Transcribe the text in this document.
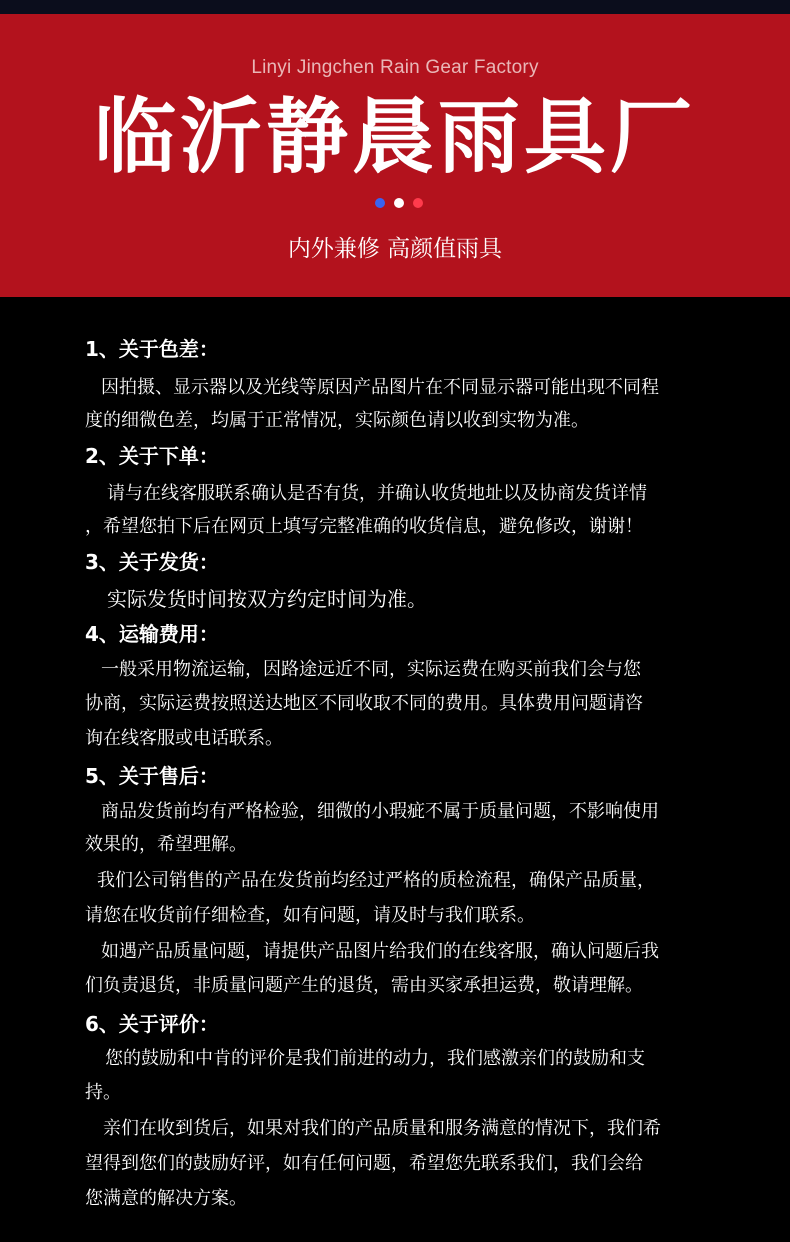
Linyi Jingchen Rain Gear Factory
临沂静晨雨具厂
内外兼修 高颜值雨具
1、关于色差：
因拍摄、显示器以及光线等原因产品图片在不同显示器可能出现不同程
度的细微色差，均属于正常情况，实际颜色请以收到实物为准。
2、关于下单：
请与在线客服联系确认是否有货，并确认收货地址以及协商发货详情
，希望您拍下后在网页上填写完整准确的收货信息，避免修改，谢谢！
3、关于发货：
实际发货时间按双方约定时间为准。
4、运输费用：
一般采用物流运输，因路途远近不同，实际运费在购买前我们会与您
协商，实际运费按照送达地区不同收取不同的费用。具体费用问题请咨
询在线客服或电话联系。
5、关于售后：
商品发货前均有严格检验，细微的小瑕疵不属于质量问题，不影响使用
效果的，希望理解。
我们公司销售的产品在发货前均经过严格的质检流程，确保产品质量，
请您在收货前仔细检查，如有问题，请及时与我们联系。
如遇产品质量问题，请提供产品图片给我们的在线客服，确认问题后我
们负责退货，非质量问题产生的退货，需由买家承担运费，敬请理解。
6、关于评价：
您的鼓励和中肯的评价是我们前进的动力，我们感激亲们的鼓励和支
持。
亲们在收到货后，如果对我们的产品质量和服务满意的情况下，我们希
望得到您们的鼓励好评，如有任何问题，希望您先联系我们，我们会给
您满意的解决方案。
